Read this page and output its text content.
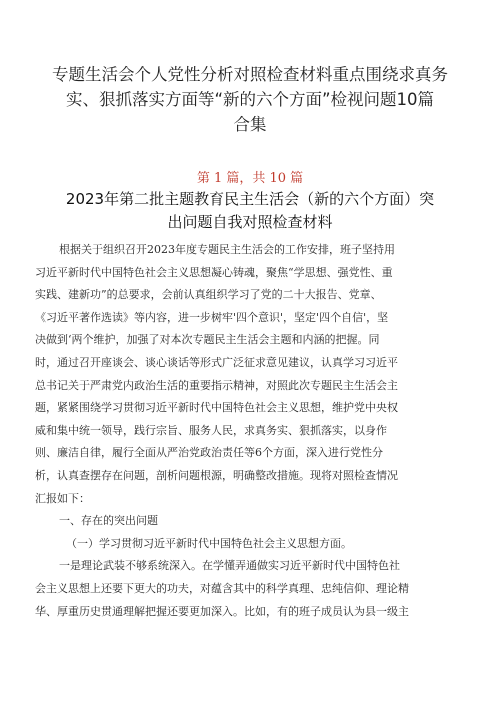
专题生活会个人党性分析对照检查材料重点围绕求真务
实、狠抓落实方面等“新的六个方面”检视问题10篇
合集
第 1 篇，共 10 篇
2023年第二批主题教育民主生活会（新的六个方面）突
出问题自我对照检查材料
根据关于组织召开2023年度专题民主生活会的工作安排，班子坚持用
习近平新时代中国特色社会主义思想凝心铸魂，聚焦“学思想、强党性、重
实践、建新功”的总要求，会前认真组织学习了党的二十大报告、党章、
《习近平著作选读》等内容，进一步树牢'四个意识'，坚定'四个自信'，坚
决做到‘两个维护，加强了对本次专题民主生活会主题和内涵的把握。同
时，通过召开座谈会、谈心谈话等形式广泛征求意见建议，认真学习习近平
总书记关于严肃党内政治生活的重要指示精神，对照此次专题民主生活会主
题，紧紧围绕学习贯彻习近平新时代中国特色社会主义思想，维护党中央权
威和集中统一领导，践行宗旨、服务人民，求真务实、狠抓落实，以身作
则、廉洁自律，履行全面从严治党政治责任等6个方面，深入进行党性分
析，认真查摆存在问题，剖析问题根源，明确整改措施。现将对照检查情况
汇报如下：
一、存在的突出问题
（一）学习贯彻习近平新时代中国特色社会主义思想方面。
一是理论武装不够系统深入。在学懂弄通做实习近平新时代中国特色社
会主义思想上还要下更大的功夫，对蕴含其中的科学真理、忠纯信仰、理论精
华、厚重历史贯通理解把握还要更加深入。比如，有的班子成员认为县一级主
